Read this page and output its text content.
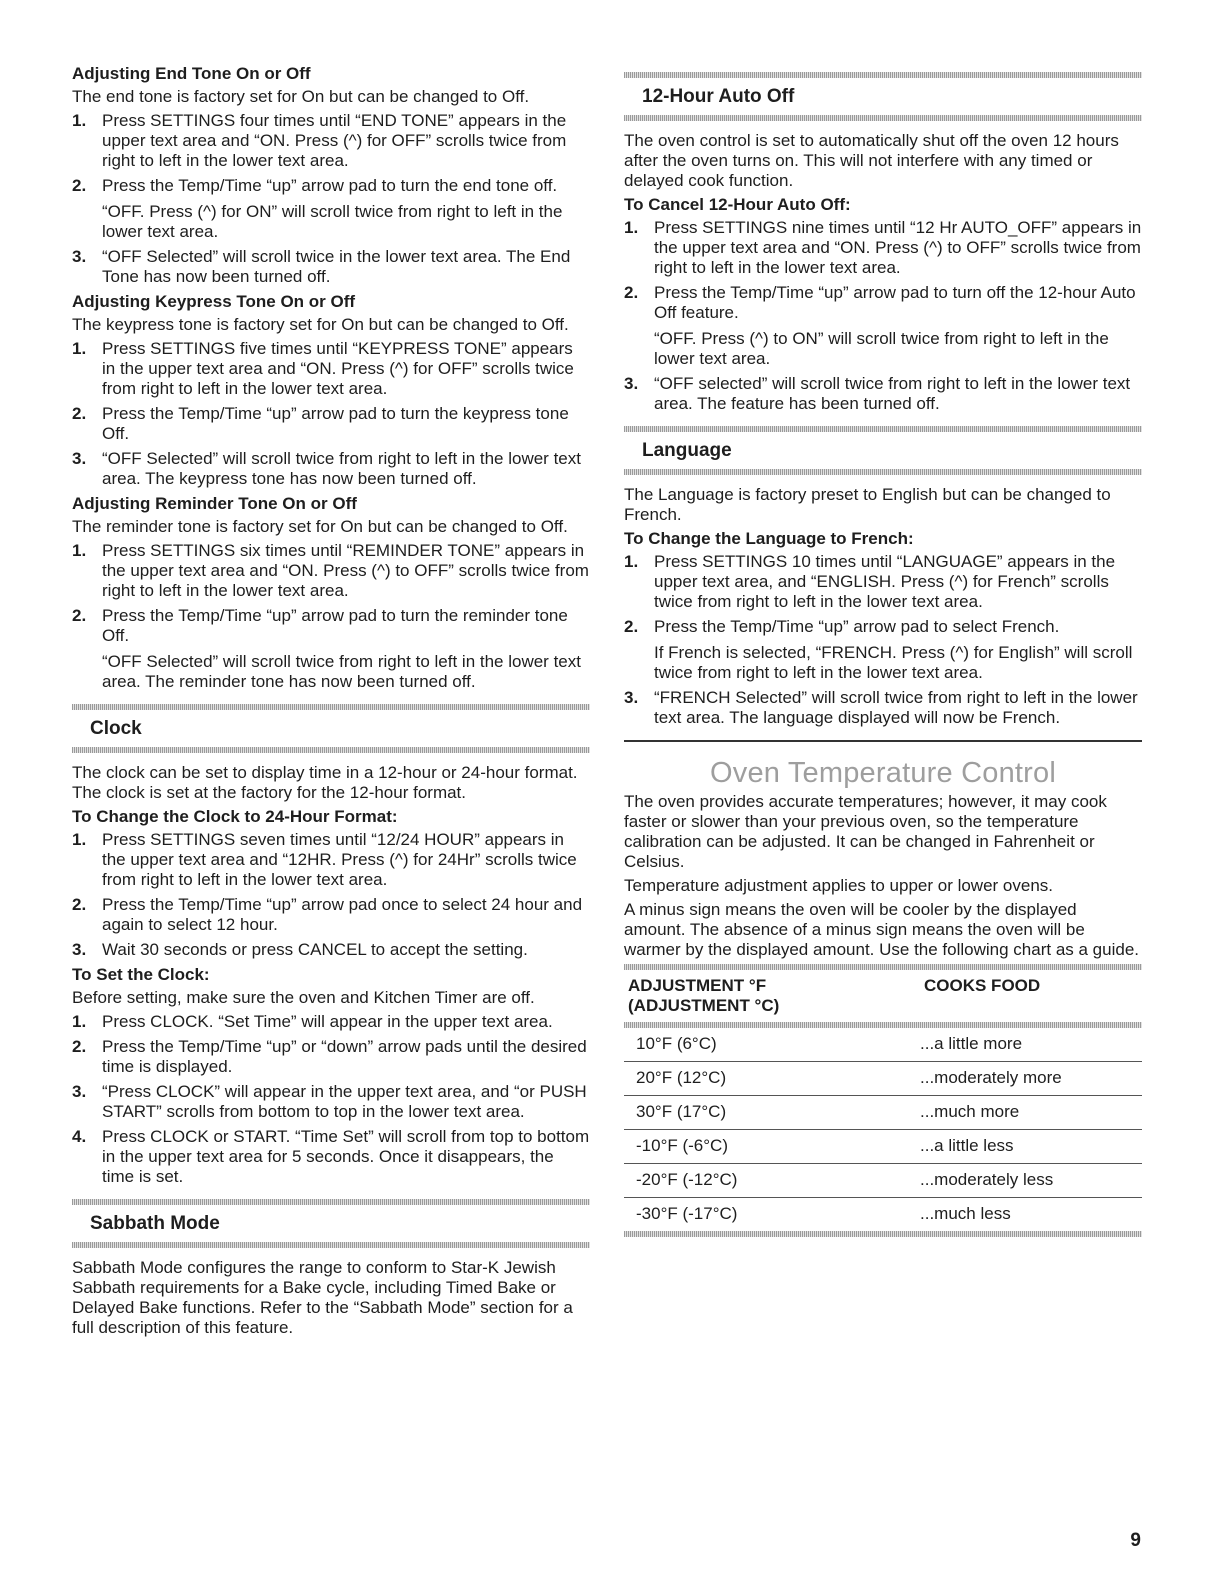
Adjusting End Tone On or Off
The end tone is factory set for On but can be changed to Off.
1. Press SETTINGS four times until “END TONE” appears in the upper text area and “ON. Press (^) for OFF” scrolls twice from right to left in the lower text area.
2. Press the Temp/Time “up” arrow pad to turn the end tone off.
“OFF. Press (^) for ON” will scroll twice from right to left in the lower text area.
3. “OFF Selected” will scroll twice in the lower text area. The End Tone has now been turned off.
Adjusting Keypress Tone On or Off
The keypress tone is factory set for On but can be changed to Off.
1. Press SETTINGS five times until “KEYPRESS TONE” appears in the upper text area and “ON. Press (^) for OFF” scrolls twice from right to left in the lower text area.
2. Press the Temp/Time “up” arrow pad to turn the keypress tone Off.
3. “OFF Selected” will scroll twice from right to left in the lower text area. The keypress tone has now been turned off.
Adjusting Reminder Tone On or Off
The reminder tone is factory set for On but can be changed to Off.
1. Press SETTINGS six times until “REMINDER TONE” appears in the upper text area and “ON. Press (^) to OFF” scrolls twice from right to left in the lower text area.
2. Press the Temp/Time “up” arrow pad to turn the reminder tone Off.
“OFF Selected” will scroll twice from right to left in the lower text area. The reminder tone has now been turned off.
Clock
The clock can be set to display time in a 12-hour or 24-hour format. The clock is set at the factory for the 12-hour format.
To Change the Clock to 24-Hour Format:
1. Press SETTINGS seven times until “12/24 HOUR” appears in the upper text area and “12HR. Press (^) for 24Hr” scrolls twice from right to left in the lower text area.
2. Press the Temp/Time “up” arrow pad once to select 24 hour and again to select 12 hour.
3. Wait 30 seconds or press CANCEL to accept the setting.
To Set the Clock:
Before setting, make sure the oven and Kitchen Timer are off.
1. Press CLOCK. “Set Time” will appear in the upper text area.
2. Press the Temp/Time “up” or “down” arrow pads until the desired time is displayed.
3. “Press CLOCK” will appear in the upper text area, and “or PUSH START” scrolls from bottom to top in the lower text area.
4. Press CLOCK or START. “Time Set” will scroll from top to bottom in the upper text area for 5 seconds. Once it disappears, the time is set.
Sabbath Mode
Sabbath Mode configures the range to conform to Star-K Jewish Sabbath requirements for a Bake cycle, including Timed Bake or Delayed Bake functions. Refer to the “Sabbath Mode” section for a full description of this feature.
12-Hour Auto Off
The oven control is set to automatically shut off the oven 12 hours after the oven turns on. This will not interfere with any timed or delayed cook function.
To Cancel 12-Hour Auto Off:
1. Press SETTINGS nine times until “12 Hr AUTO_OFF” appears in the upper text area and “ON. Press (^) to OFF” scrolls twice from right to left in the lower text area.
2. Press the Temp/Time “up” arrow pad to turn off the 12-hour Auto Off feature.
“OFF. Press (^) to ON” will scroll twice from right to left in the lower text area.
3. “OFF selected” will scroll twice from right to left in the lower text area. The feature has been turned off.
Language
The Language is factory preset to English but can be changed to French.
To Change the Language to French:
1. Press SETTINGS 10 times until “LANGUAGE” appears in the upper text area, and “ENGLISH. Press (^) for French” scrolls twice from right to left in the lower text area.
2. Press the Temp/Time “up” arrow pad to select French.
If French is selected, “FRENCH. Press (^) for English” will scroll twice from right to left in the lower text area.
3. “FRENCH Selected” will scroll twice from right to left in the lower text area. The language displayed will now be French.
Oven Temperature Control
The oven provides accurate temperatures; however, it may cook faster or slower than your previous oven, so the temperature calibration can be adjusted. It can be changed in Fahrenheit or Celsius.
Temperature adjustment applies to upper or lower ovens.
A minus sign means the oven will be cooler by the displayed amount. The absence of a minus sign means the oven will be warmer by the displayed amount. Use the following chart as a guide.
ADJUSTMENT °F
(ADJUSTMENT °C)	COOKS FOOD

10°F (6°C)	...a little more
20°F (12°C)	...moderately more
30°F (17°C)	...much more
-10°F (-6°C)	...a little less
-20°F (-12°C)	...moderately less
-30°F (-17°C)	...much less
9
